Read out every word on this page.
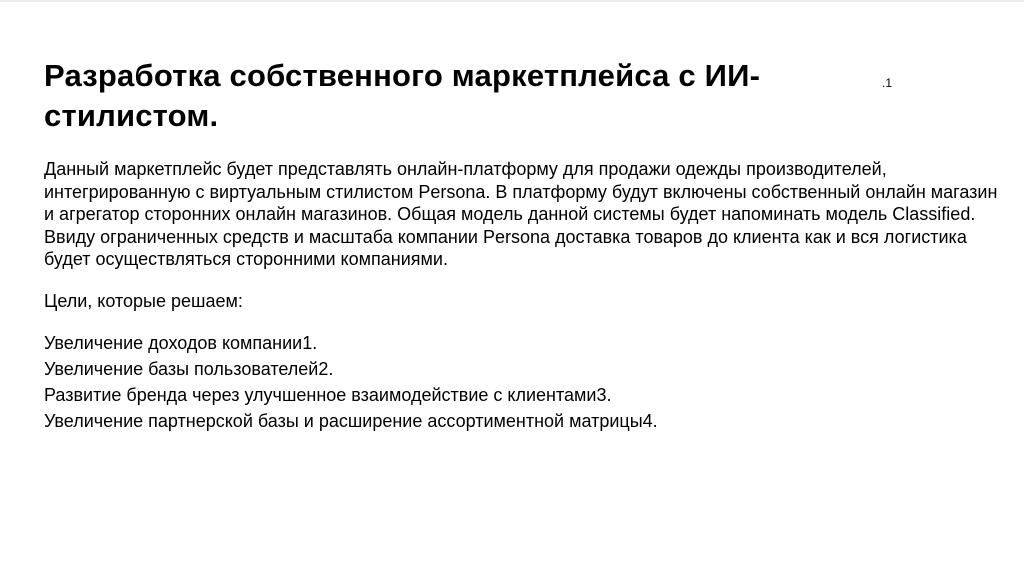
Разработка собственного маркетплейса с ИИ-стилистом.
.1

Данный маркетплейс будет представлять онлайн-платформу для продажи одежды производителей, интегрированную с виртуальным стилистом Persona. В платформу будут включены собственный онлайн магазин и агрегатор сторонних онлайн магазинов. Общая модель данной системы будет напоминать модель Classified. Ввиду ограниченных средств и масштаба компании Persona доставка товаров до клиента как и вся логистика будет осуществляться сторонними компаниями.

Цели, которые решаем:

Увеличение доходов компании1.
Увеличение базы пользователей2.
Развитие бренда через улучшенное взаимодействие с клиентами3.
Увеличение партнерской базы и расширение ассортиментной матрицы4.
